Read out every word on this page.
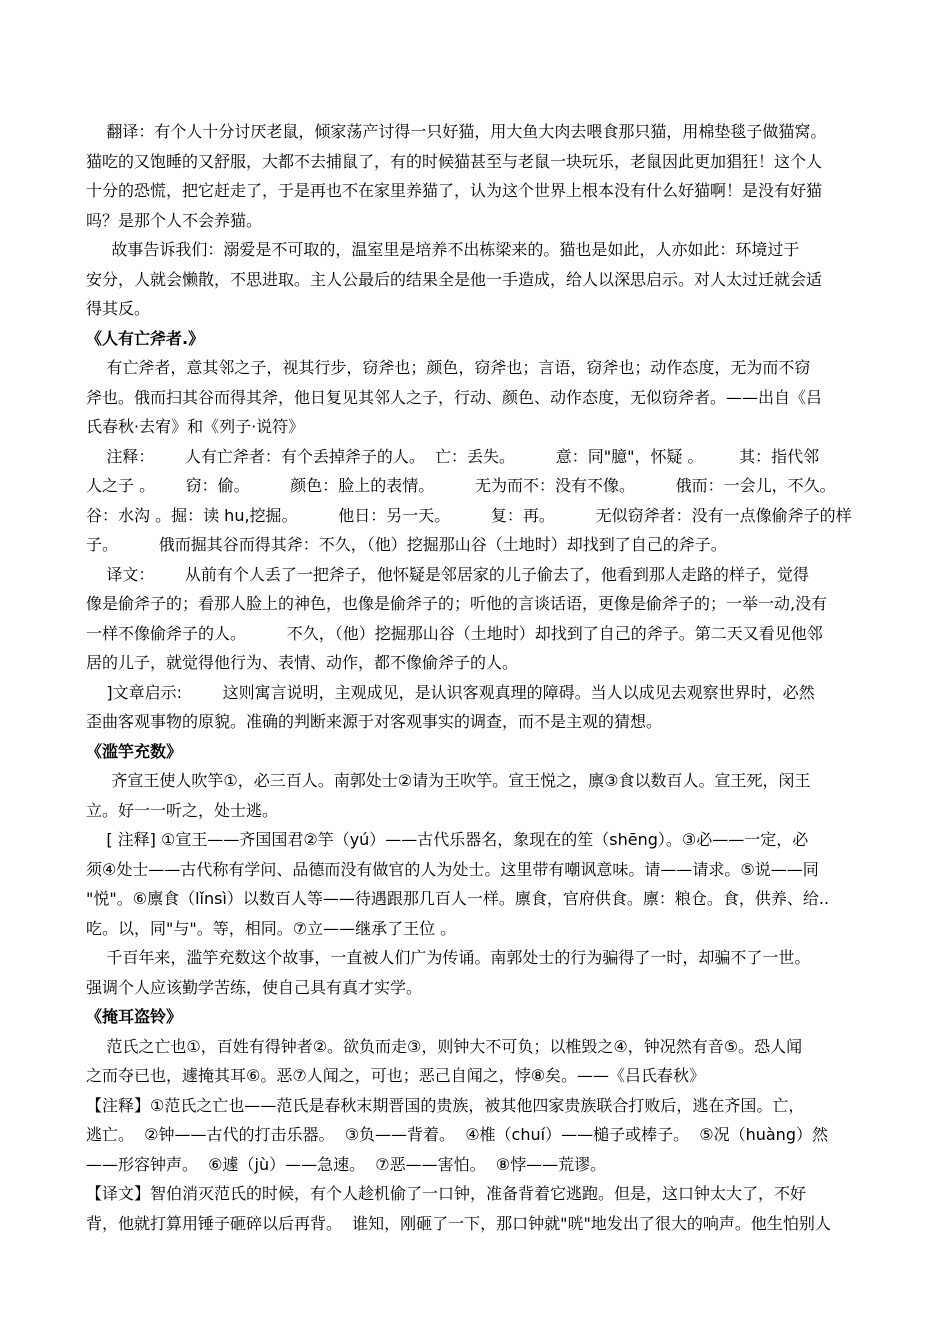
翻译：有个人十分讨厌老鼠，倾家荡产讨得一只好猫，用大鱼大肉去喂食那只猫，用棉垫毯子做猫窝。
猫吃的又饱睡的又舒服，大都不去捕鼠了，有的时候猫甚至与老鼠一块玩乐，老鼠因此更加猖狂！这个人
十分的恐慌，把它赶走了，于是再也不在家里养猫了，认为这个世界上根本没有什么好猫啊！是没有好猫
吗？是那个人不会养猫。
故事告诉我们：溺爱是不可取的，温室里是培养不出栋梁来的。猫也是如此，人亦如此：环境过于
安分，人就会懒散，不思进取。主人公最后的结果全是他一手造成，给人以深思启示。对人太过迁就会适
得其反。
《人有亡斧者.》
有亡斧者，意其邻之子，视其行步，窃斧也；颜色，窃斧也；言语，窃斧也；动作态度，无为而不窃
斧也。俄而扫其谷而得其斧，他日复见其邻人之子，行动、颜色、动作态度，无似窃斧者。——出自《吕
氏春秋·去宥》和《列子·说符》
注释：      人有亡斧者：有个丢掉斧子的人。  亡：丢失。        意：同"臆"，怀疑 。       其：指代邻
人之子 。      窃：偷。        颜色：脸上的表情。        无为而不：没有不像。        俄而：一会儿，不久。
谷：水沟 。掘：读 hu,挖掘。        他日：另一天。        复：再。        无似窃斧者：没有一点像偷斧子的样
子。        俄而掘其谷而得其斧：不久，（他）挖掘那山谷（土地时）却找到了自己的斧子。
译文：      从前有个人丢了一把斧子，他怀疑是邻居家的儿子偷去了，他看到那人走路的样子，觉得
像是偷斧子的；看那人脸上的神色，也像是偷斧子的；听他的言谈话语，更像是偷斧子的；一举一动,没有
一样不像偷斧子的人。        不久，（他）挖掘那山谷（土地时）却找到了自己的斧子。第二天又看见他邻
居的儿子，就觉得他行为、表情、动作，都不像偷斧子的人。
]文章启示:        这则寓言说明，主观成见，是认识客观真理的障碍。当人以成见去观察世界时，必然
歪曲客观事物的原貌。准确的判断来源于对客观事实的调查，而不是主观的猜想。
《滥竽充数》
齐宣王使人吹竽①，必三百人。南郭处士②请为王吹竽。宣王悦之，廪③食以数百人。宣王死，闵王
立。好一一听之，处士逃。
[ 注释] ①宣王——齐国国君②竽（yú）——古代乐器名，象现在的笙（shēng）。③必——一定，必
须④处士——古代称有学问、品德而没有做官的人为处士。这里带有嘲讽意味。请——请求。⑤说——同
"悦"。⑥廪食（lǐnsì）以数百人等——待遇跟那几百人一样。廪食，官府供食。廪：粮仓。食，供养、给..
吃。以，同"与"。等，相同。⑦立——继承了王位 。
千百年来，滥竽充数这个故事，一直被人们广为传诵。南郭处士的行为骗得了一时，却骗不了一世。
强调个人应该勤学苦练，使自己具有真才实学。
《掩耳盗铃》
范氏之亡也①，百姓有得钟者②。欲负而走③，则钟大不可负；以椎毁之④，钟况然有音⑤。恐人闻
之而夺已也，遽掩其耳⑥。恶⑦人闻之，可也；恶己自闻之，悖⑧矣。——《吕氏春秋》
【注释】①范氏之亡也——范氏是春秋末期晋国的贵族，被其他四家贵族联合打败后，逃在齐国。亡，
逃亡。  ②钟——古代的打击乐器。  ③负——背着。  ④椎（chuí）——槌子或棒子。  ⑤况（huàng）然
——形容钟声。  ⑥遽（jù）——急速。  ⑦恶——害怕。  ⑧悖——荒谬。
【译文】智伯消灭范氏的时候，有个人趁机偷了一口钟，准备背着它逃跑。但是，这口钟太大了，不好
背，他就打算用锤子砸碎以后再背。  谁知，刚砸了一下，那口钟就"咣"地发出了很大的响声。他生怕别人
